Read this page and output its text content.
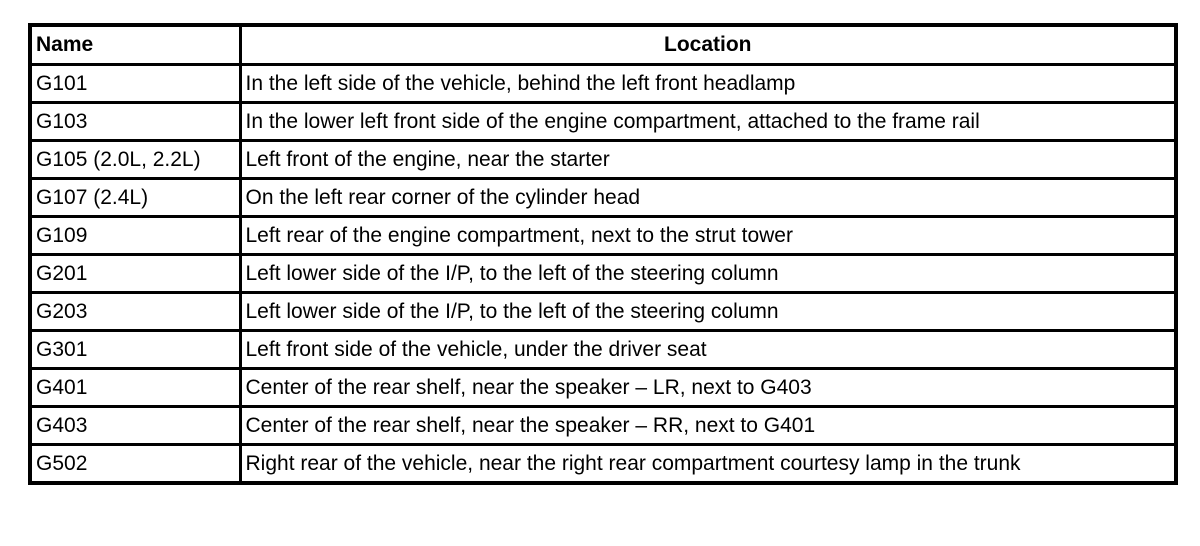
Name	Location
G101	In the left side of the vehicle, behind the left front headlamp
G103	In the lower left front side of the engine compartment, attached to the frame rail
G105 (2.0L, 2.2L)	Left front of the engine, near the starter
G107 (2.4L)	On the left rear corner of the cylinder head
G109	Left rear of the engine compartment, next to the strut tower
G201	Left lower side of the I/P, to the left of the steering column
G203	Left lower side of the I/P, to the left of the steering column
G301	Left front side of the vehicle, under the driver seat
G401	Center of the rear shelf, near the speaker – LR, next to G403
G403	Center of the rear shelf, near the speaker – RR, next to G401
G502	Right rear of the vehicle, near the right rear compartment courtesy lamp in the trunk
